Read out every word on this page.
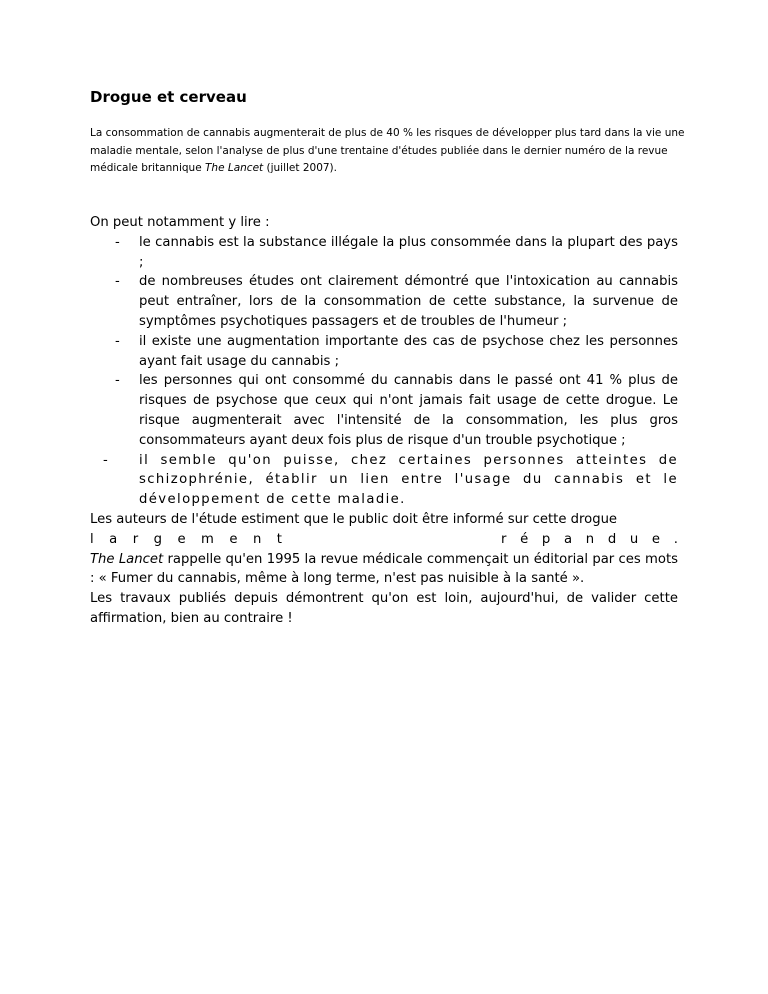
Drogue et cerveau

La consommation de cannabis augmenterait de plus de 40 % les risques de développer plus tard dans la vie une maladie mentale, selon l'analyse de plus d'une trentaine d'études publiée dans le dernier numéro de la revue médicale britannique The Lancet (juillet 2007).

On peut notamment y lire :

- le cannabis est la substance illégale la plus consommée dans la plupart des pays ;
- de nombreuses études ont clairement démontré que l'intoxication au cannabis peut entraîner, lors de la consommation de cette substance, la survenue de symptômes psychotiques passagers et de troubles de l'humeur ;
- il existe une augmentation importante des cas de psychose chez les personnes ayant fait usage du cannabis ;
- les personnes qui ont consommé du cannabis dans le passé ont 41 % plus de risques de psychose que ceux qui n'ont jamais fait usage de cette drogue. Le risque augmenterait avec l'intensité de la consommation, les plus gros consommateurs ayant deux fois plus de risque d'un trouble psychotique ;
- il semble qu'on puisse, chez certaines personnes atteintes de schizophrénie, établir un lien entre l'usage du cannabis et le développement de cette maladie.

Les auteurs de l'étude estiment que le public doit être informé sur cette drogue

l a r g e m e n t	r é p a n d u e .

The Lancet rappelle qu'en 1995 la revue médicale commençait un éditorial par ces mots : « Fumer du cannabis, même à long terme, n'est pas nuisible à la santé ».

Les travaux publiés depuis démontrent qu'on est loin, aujourd'hui, de valider cette affirmation, bien au contraire !
